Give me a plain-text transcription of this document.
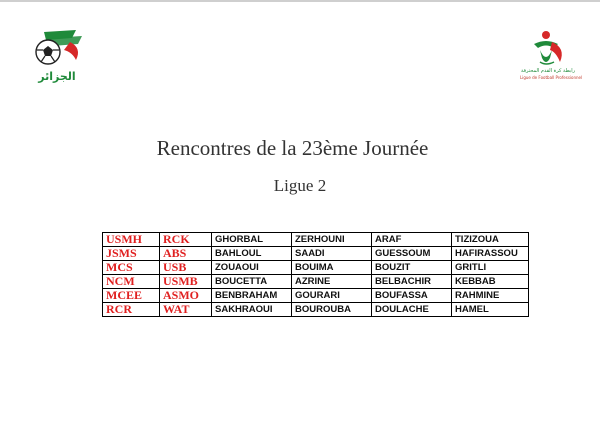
الجزائر	رابطة كرة القدم المحترفة
Ligue de Football Professionnel
Rencontres de la 23ème Journée
Ligue 2
USMH	RCK	GHORBAL	ZERHOUNI	ARAF	TIZIZOUA
JSMS	ABS	BAHLOUL	SAADI	GUESSOUM	HAFIRASSOU
MCS	USB	ZOUAOUI	BOUIMA	BOUZIT	GRITLI
NCM	USMB	BOUCETTA	AZRINE	BELBACHIR	KEBBAB
MCEE	ASMO	BENBRAHAM	GOURARI	BOUFASSA	RAHMINE
RCR	WAT	SAKHRAOUI	BOUROUBA	DOULACHE	HAMEL
